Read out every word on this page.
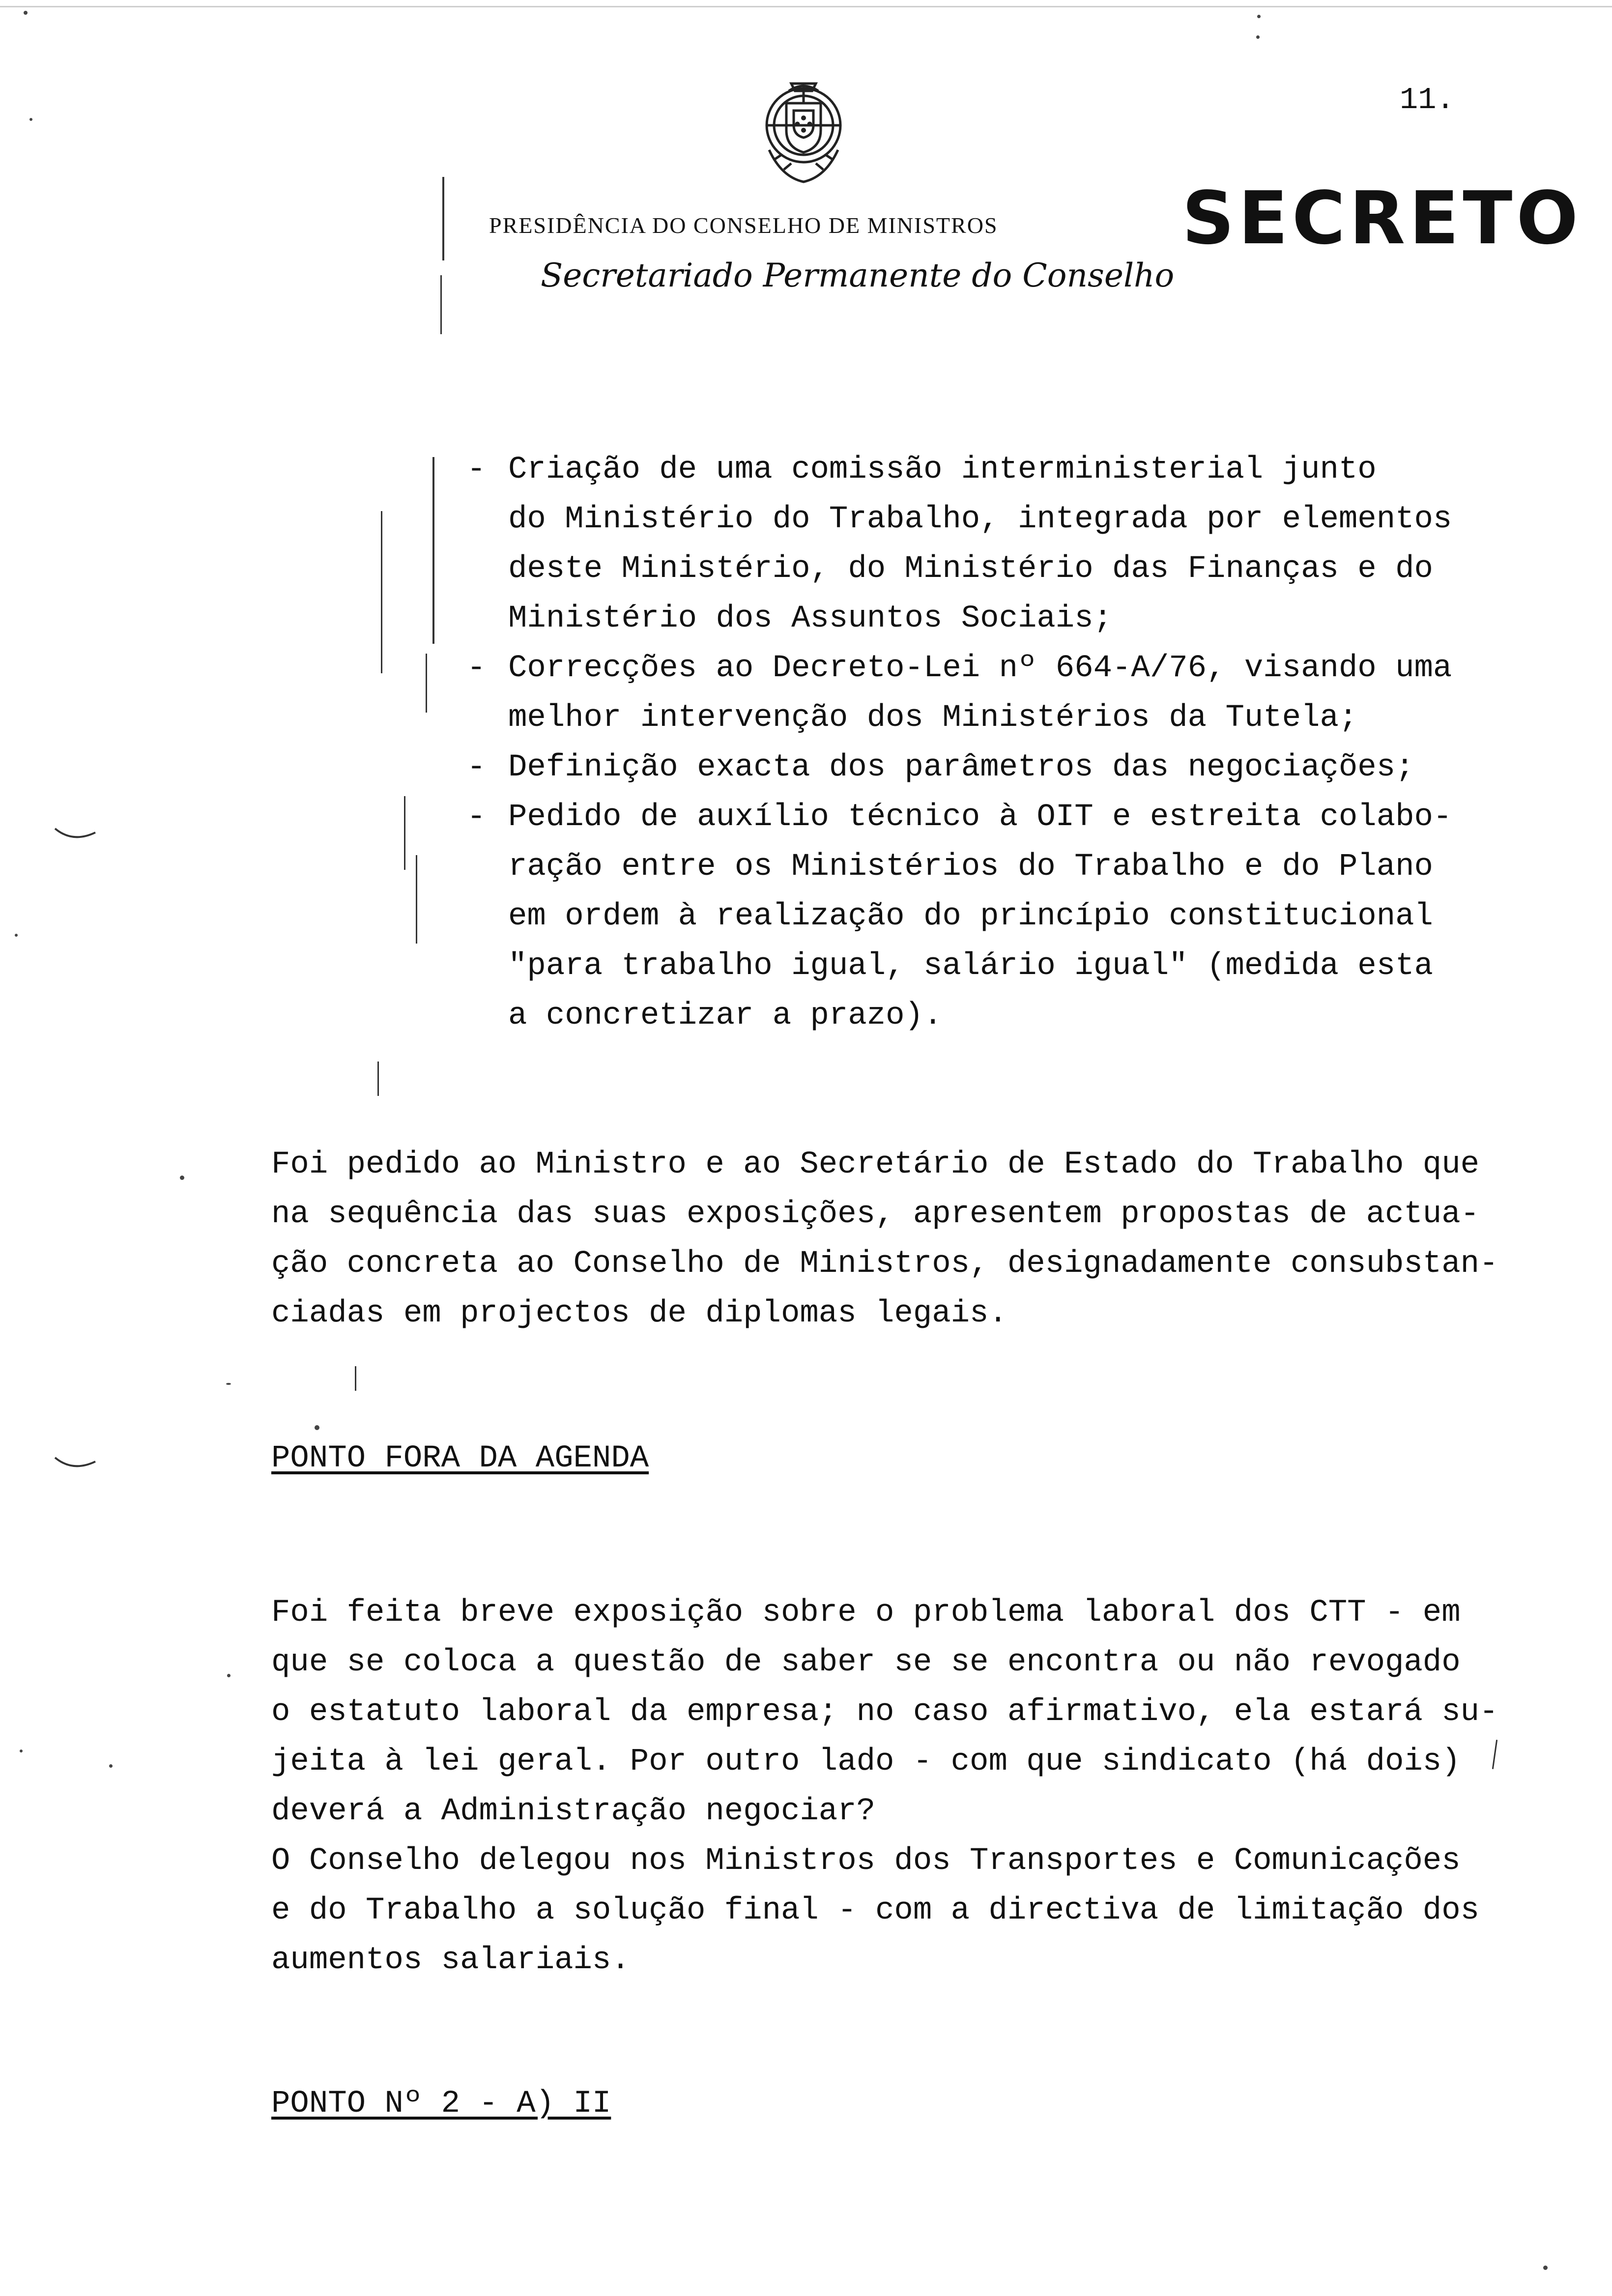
11.
PRESIDÊNCIA DO CONSELHO DE MINISTROS
Secretariado Permanente do Conselho
SECRETO
- Criação de uma comissão interministerial junto
do Ministério do Trabalho, integrada por elementos
deste Ministério, do Ministério das Finanças e do
Ministério dos Assuntos Sociais;
- Correcções ao Decreto-Lei nº 664-A/76, visando uma
melhor intervenção dos Ministérios da Tutela;
- Definição exacta dos parâmetros das negociações;
- Pedido de auxílio técnico à OIT e estreita colabo-
ração entre os Ministérios do Trabalho e do Plano
em ordem à realização do princípio constitucional
"para trabalho igual, salário igual" (medida esta
a concretizar a prazo).

Foi pedido ao Ministro e ao Secretário de Estado do Trabalho que
na sequência das suas exposições, apresentem propostas de actua-
ção concreta ao Conselho de Ministros, designadamente consubstan-
ciadas em projectos de diplomas legais.

PONTO FORA DA AGENDA

Foi feita breve exposição sobre o problema laboral dos CTT - em
que se coloca a questão de saber se se encontra ou não revogado
o estatuto laboral da empresa; no caso afirmativo, ela estará su-
jeita à lei geral. Por outro lado - com que sindicato (há dois)
deverá a Administração negociar?
O Conselho delegou nos Ministros dos Transportes e Comunicações
e do Trabalho a solução final - com a directiva de limitação dos
aumentos salariais.

PONTO Nº 2 - A) II
